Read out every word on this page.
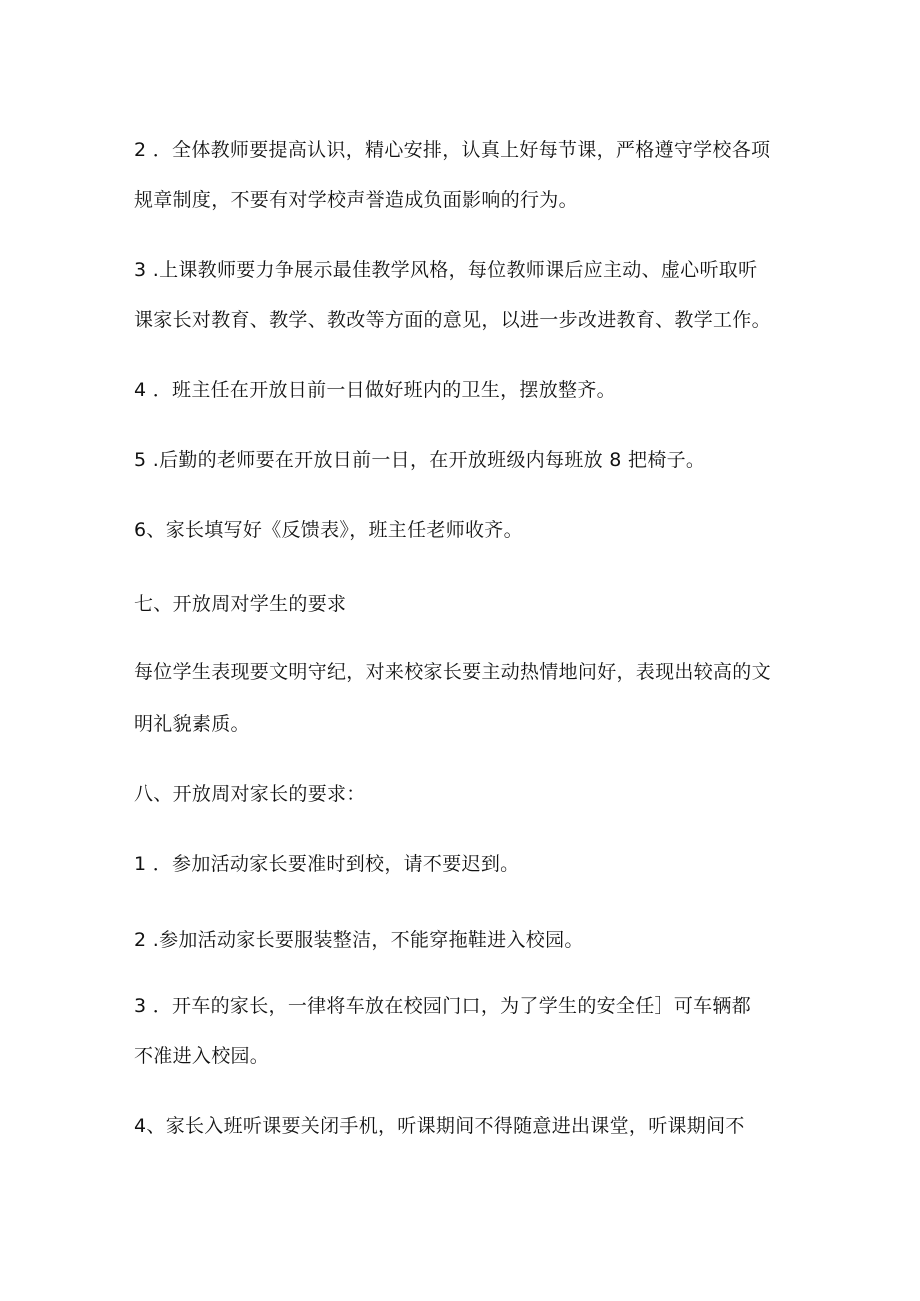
2 ．全体教师要提高认识，精心安排，认真上好每节课，严格遵守学校各项
规章制度，不要有对学校声誉造成负面影响的行为。
3 .上课教师要力争展示最佳教学风格，每位教师课后应主动、虚心听取听
课家长对教育、教学、教改等方面的意见，以进一步改进教育、教学工作。
4 ．班主任在开放日前一日做好班内的卫生，摆放整齐。
5 .后勤的老师要在开放日前一日，在开放班级内每班放 8 把椅子。
6、家长填写好《反馈表》，班主任老师收齐。
七、开放周对学生的要求
每位学生表现要文明守纪，对来校家长要主动热情地问好，表现出较高的文
明礼貌素质。
八、开放周对家长的要求：
1 ．参加活动家长要准时到校，请不要迟到。
2 .参加活动家长要服装整洁，不能穿拖鞋进入校园。
3 ．开车的家长，一律将车放在校园门口，为了学生的安全任］可车辆都
不准进入校园。
4、家长入班听课要关闭手机，听课期间不得随意进出课堂，听课期间不
